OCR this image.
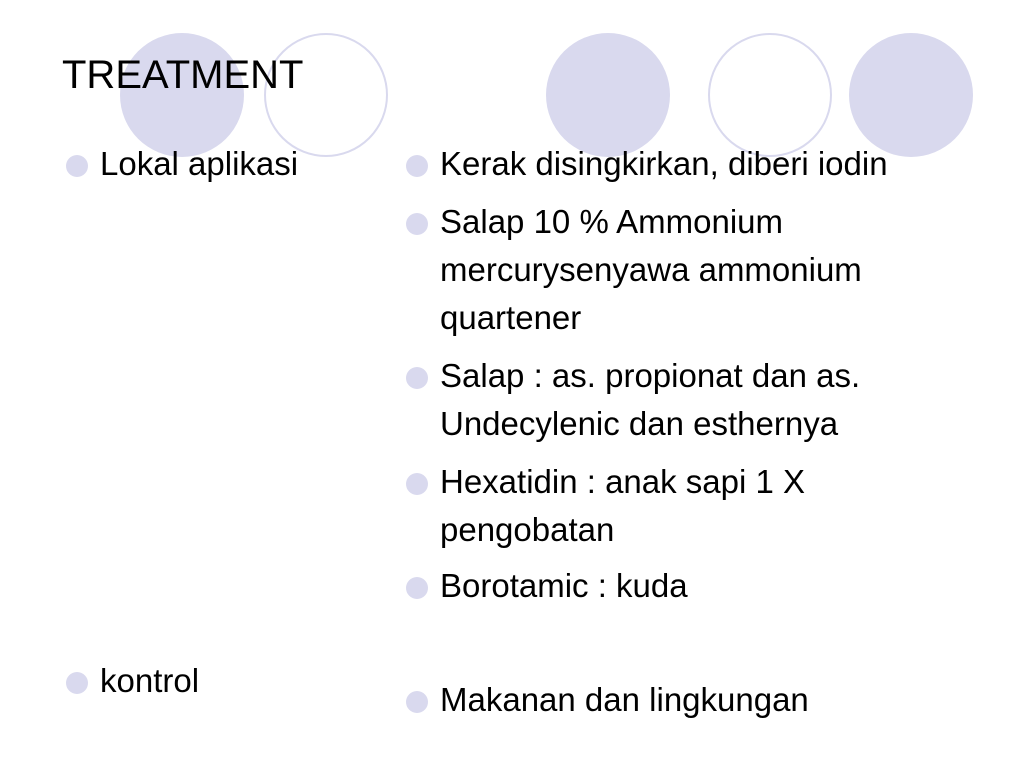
TREATMENT
Lokal aplikasi
kontrol
Kerak disingkirkan, diberi iodin
Salap 10 % Ammonium mercurysenyawa ammonium quartener
Salap : as. propionat dan as. Undecylenic dan esthernya
Hexatidin : anak sapi 1 X pengobatan
Borotamic : kuda
Makanan dan lingkungan
